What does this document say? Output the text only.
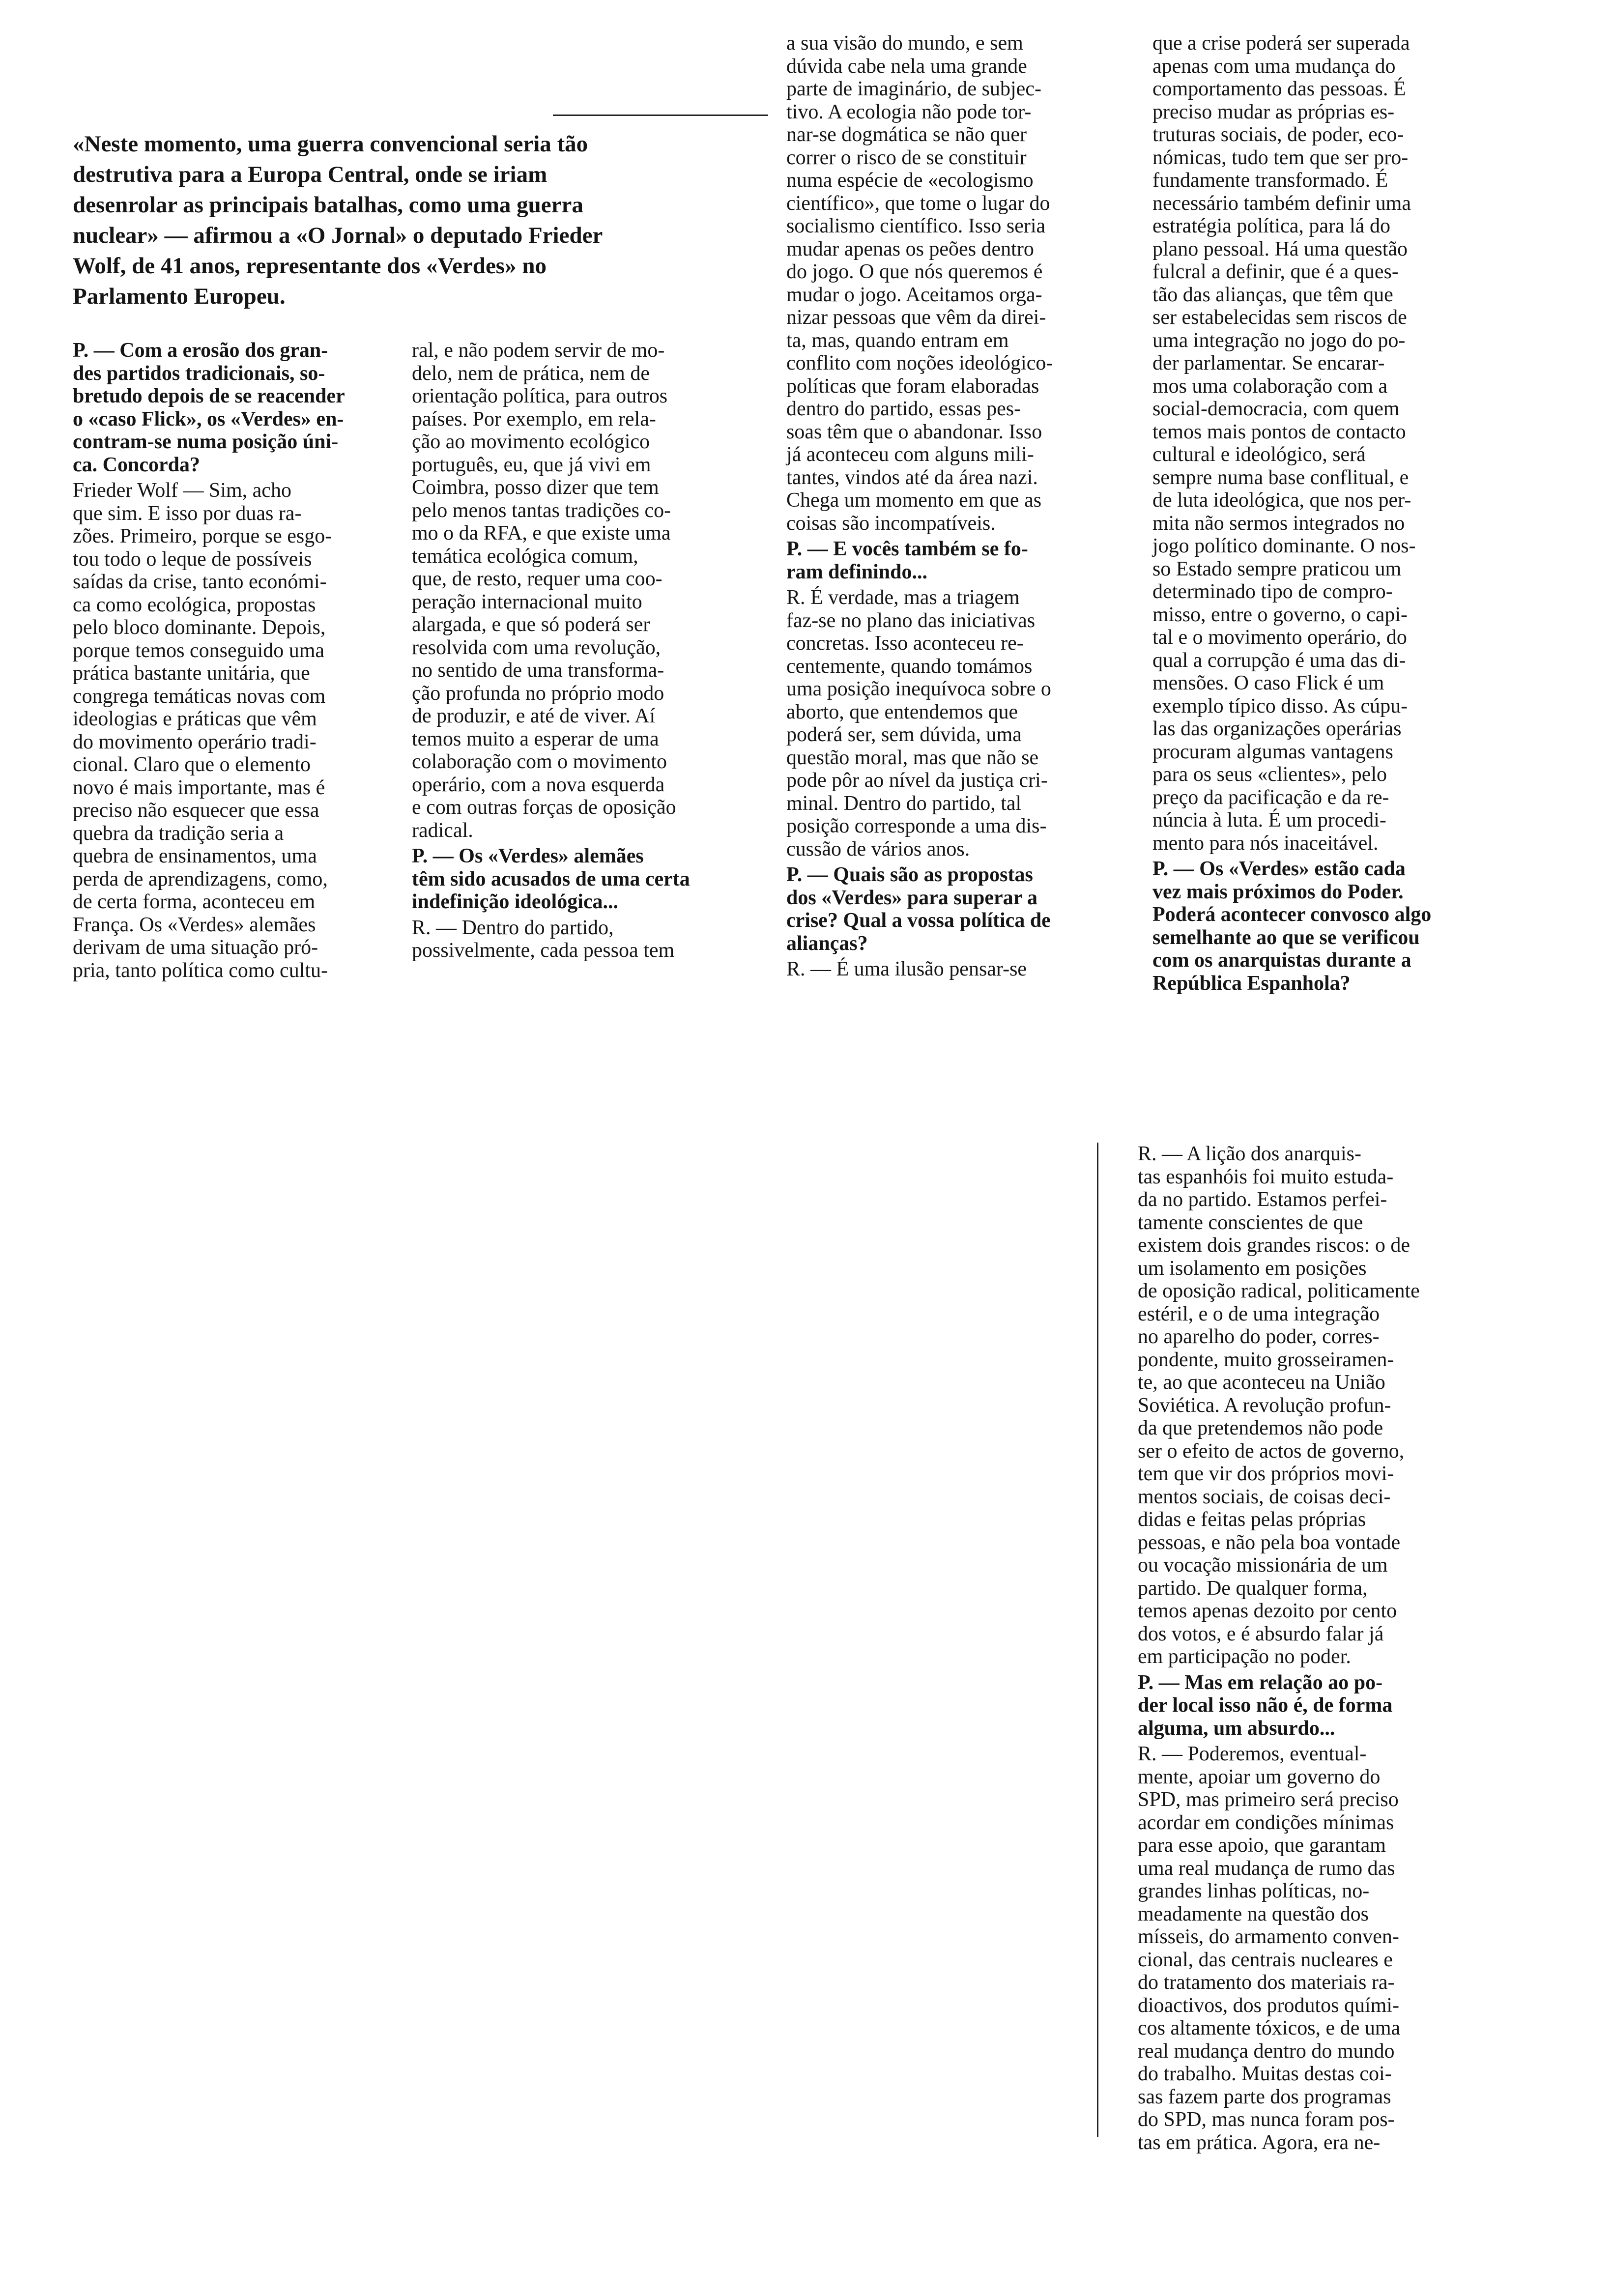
«Neste momento, uma guerra convencional seria tão
destrutiva para a Europa Central, onde se iriam
desenrolar as principais batalhas, como uma guerra
nuclear» — afirmou a «O Jornal» o deputado Frieder
Wolf, de 41 anos, representante dos «Verdes» no
Parlamento Europeu.

P. — Com a erosão dos gran-
des partidos tradicionais, so-
bretudo depois de se reacender
o «caso Flick», os «Verdes» en-
contram-se numa posição úni-
ca. Concorda?

Frieder Wolf — Sim, acho
que sim. E isso por duas ra-
zões. Primeiro, porque se esgo-
tou todo o leque de possíveis
saídas da crise, tanto económi-
ca como ecológica, propostas
pelo bloco dominante. Depois,
porque temos conseguido uma
prática bastante unitária, que
congrega temáticas novas com
ideologias e práticas que vêm
do movimento operário tradi-
cional. Claro que o elemento
novo é mais importante, mas é
preciso não esquecer que essa
quebra da tradição seria a
quebra de ensinamentos, uma
perda de aprendizagens, como,
de certa forma, aconteceu em
França. Os «Verdes» alemães
derivam de uma situação pró-
pria, tanto política como cultu-

ral, e não podem servir de mo-
delo, nem de prática, nem de
orientação política, para outros
países. Por exemplo, em rela-
ção ao movimento ecológico
português, eu, que já vivi em
Coimbra, posso dizer que tem
pelo menos tantas tradições co-
mo o da RFA, e que existe uma
temática ecológica comum,
que, de resto, requer uma coo-
peração internacional muito
alargada, e que só poderá ser
resolvida com uma revolução,
no sentido de uma transforma-
ção profunda no próprio modo
de produzir, e até de viver. Aí
temos muito a esperar de uma
colaboração com o movimento
operário, com a nova esquerda
e com outras forças de oposição
radical.

P. — Os «Verdes» alemães
têm sido acusados de uma certa
indefinição ideológica...

R. — Dentro do partido,
possivelmente, cada pessoa tem

a sua visão do mundo, e sem
dúvida cabe nela uma grande
parte de imaginário, de subjec-
tivo. A ecologia não pode tor-
nar-se dogmática se não quer
correr o risco de se constituir
numa espécie de «ecologismo
científico», que tome o lugar do
socialismo científico. Isso seria
mudar apenas os peões dentro
do jogo. O que nós queremos é
mudar o jogo. Aceitamos orga-
nizar pessoas que vêm da direi-
ta, mas, quando entram em
conflito com noções ideológico-
políticas que foram elaboradas
dentro do partido, essas pes-
soas têm que o abandonar. Isso
já aconteceu com alguns mili-
tantes, vindos até da área nazi.
Chega um momento em que as
coisas são incompatíveis.

P. — E vocês também se fo-
ram definindo...

R. É verdade, mas a triagem
faz-se no plano das iniciativas
concretas. Isso aconteceu re-
centemente, quando tomámos
uma posição inequívoca sobre o
aborto, que entendemos que
poderá ser, sem dúvida, uma
questão moral, mas que não se
pode pôr ao nível da justiça cri-
minal. Dentro do partido, tal
posição corresponde a uma dis-
cussão de vários anos.

P. — Quais são as propostas
dos «Verdes» para superar a
crise? Qual a vossa política de
alianças?

R. — É uma ilusão pensar-se

que a crise poderá ser superada
apenas com uma mudança do
comportamento das pessoas. É
preciso mudar as próprias es-
truturas sociais, de poder, eco-
nómicas, tudo tem que ser pro-
fundamente transformado. É
necessário também definir uma
estratégia política, para lá do
plano pessoal. Há uma questão
fulcral a definir, que é a ques-
tão das alianças, que têm que
ser estabelecidas sem riscos de
uma integração no jogo do po-
der parlamentar. Se encarar-
mos uma colaboração com a
social-democracia, com quem
temos mais pontos de contacto
cultural e ideológico, será
sempre numa base conflitual, e
de luta ideológica, que nos per-
mita não sermos integrados no
jogo político dominante. O nos-
so Estado sempre praticou um
determinado tipo de compro-
misso, entre o governo, o capi-
tal e o movimento operário, do
qual a corrupção é uma das di-
mensões. O caso Flick é um
exemplo típico disso. As cúpu-
las das organizações operárias
procuram algumas vantagens
para os seus «clientes», pelo
preço da pacificação e da re-
núncia à luta. É um procedi-
mento para nós inaceitável.

P. — Os «Verdes» estão cada
vez mais próximos do Poder.
Poderá acontecer convosco algo
semelhante ao que se verificou
com os anarquistas durante a
República Espanhola?

R. — A lição dos anarquis-
tas espanhóis foi muito estuda-
da no partido. Estamos perfei-
tamente conscientes de que
existem dois grandes riscos: o de
um isolamento em posições
de oposição radical, politicamente
estéril, e o de uma integração
no aparelho do poder, corres-
pondente, muito grosseiramen-
te, ao que aconteceu na União
Soviética. A revolução profun-
da que pretendemos não pode
ser o efeito de actos de governo,
tem que vir dos próprios movi-
mentos sociais, de coisas deci-
didas e feitas pelas próprias
pessoas, e não pela boa vontade
ou vocação missionária de um
partido. De qualquer forma,
temos apenas dezoito por cento
dos votos, e é absurdo falar já
em participação no poder.

P. — Mas em relação ao po-
der local isso não é, de forma
alguma, um absurdo...

R. — Poderemos, eventual-
mente, apoiar um governo do
SPD, mas primeiro será preciso
acordar em condições mínimas
para esse apoio, que garantam
uma real mudança de rumo das
grandes linhas políticas, no-
meadamente na questão dos
mísseis, do armamento conven-
cional, das centrais nucleares e
do tratamento dos materiais ra-
dioactivos, dos produtos quími-
cos altamente tóxicos, e de uma
real mudança dentro do mundo
do trabalho. Muitas destas coi-
sas fazem parte dos programas
do SPD, mas nunca foram pos-
tas em prática. Agora, era ne-
